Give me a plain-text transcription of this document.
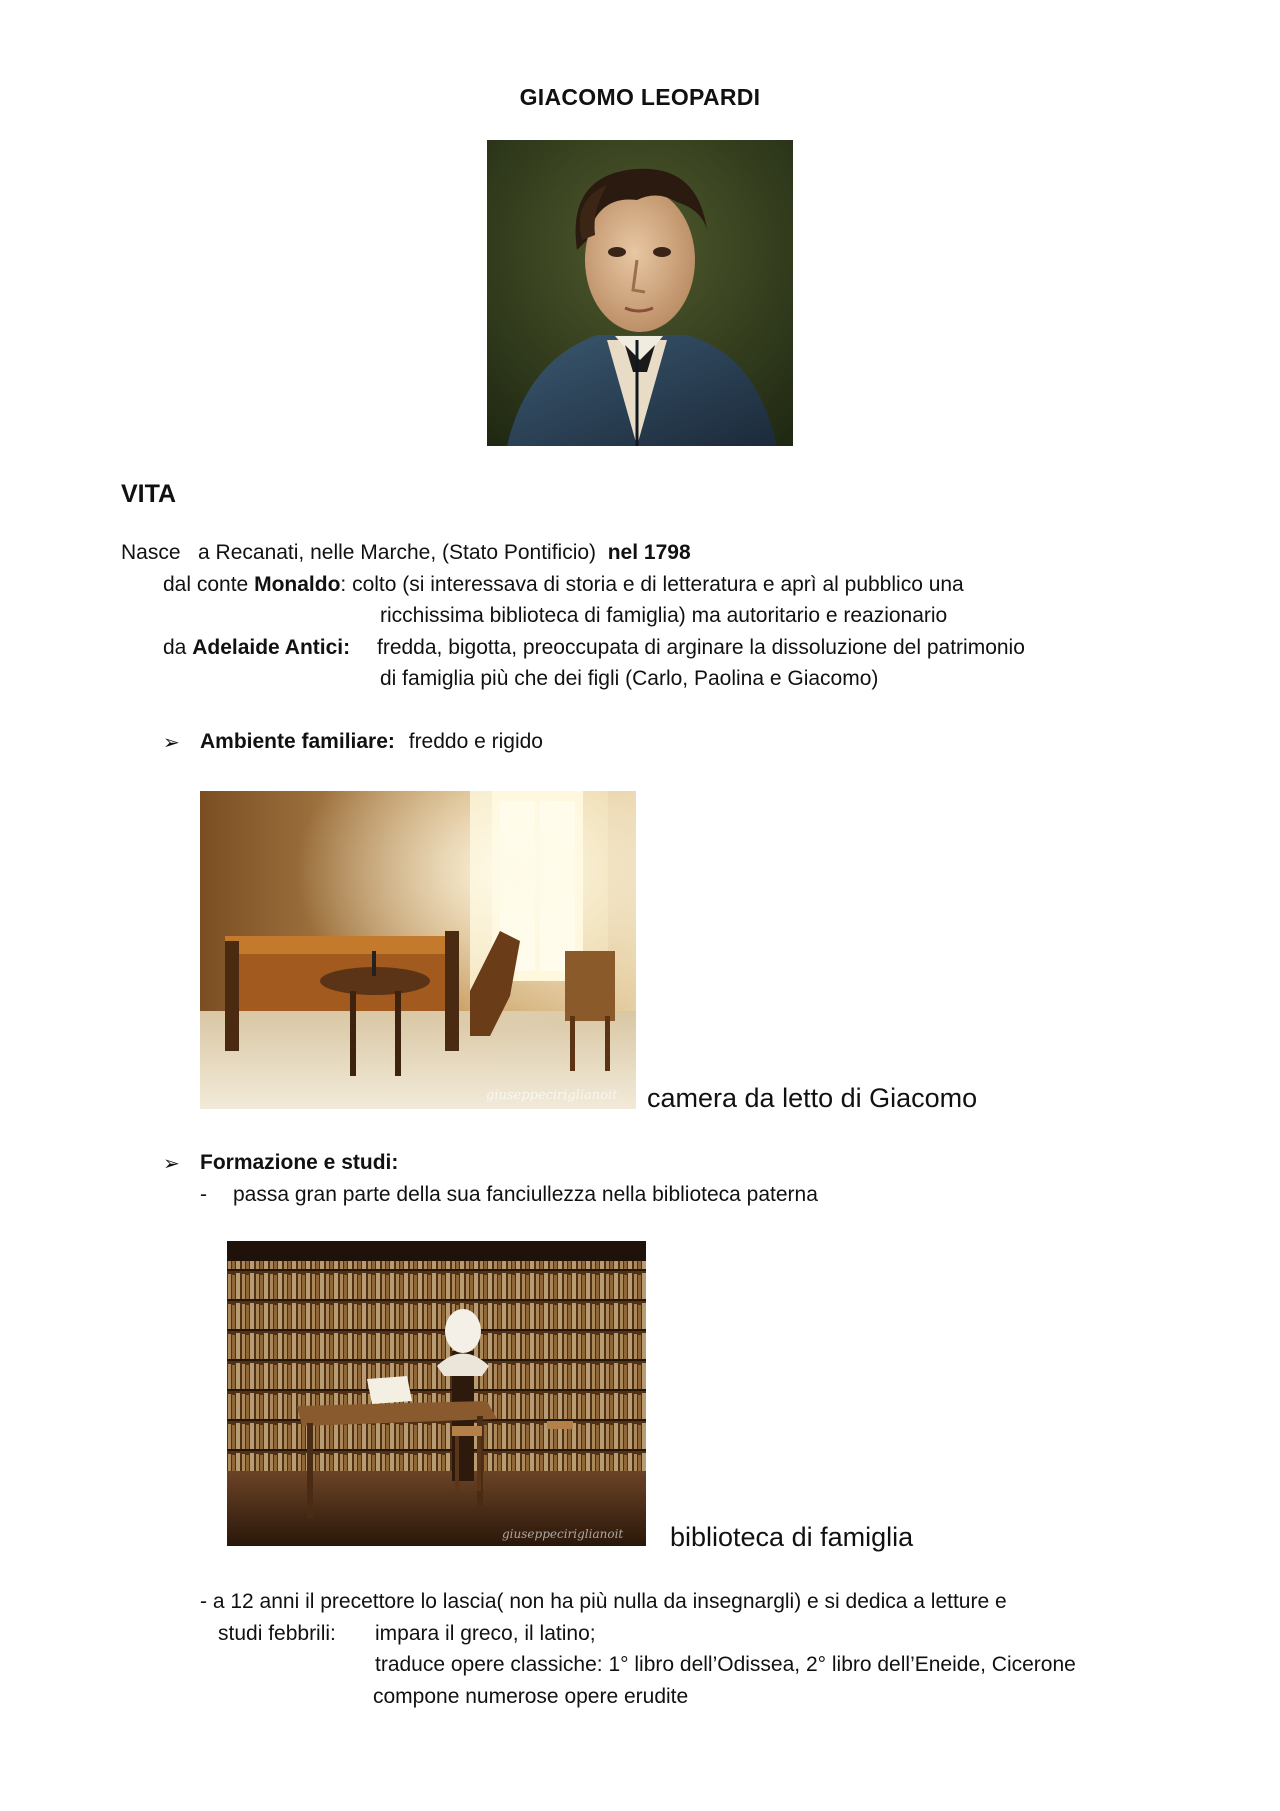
GIACOMO LEOPARDI
VITA
Nasce   a Recanati, nelle Marche, (Stato Pontificio)  nel 1798
dal conte Monaldo: colto (si interessava di storia e di letteratura e aprì al pubblico una
ricchissima biblioteca di famiglia) ma autoritario e reazionario
da Adelaide Antici: fredda, bigotta, preoccupata di arginare la dissoluzione del patrimonio
di famiglia più che dei figli (Carlo, Paolina e Giacomo)
➢ Ambiente familiare: freddo e rigido
giuseppeciriglianoit camera da letto di Giacomo
➢ Formazione e studi:
- passa gran parte della sua fanciullezza nella biblioteca paterna
giuseppeciriglianoit biblioteca di famiglia
- a 12 anni il precettore lo lascia( non ha più nulla da insegnargli) e si dedica a letture e
studi febbrili: impara il greco, il latino;
traduce opere classiche: 1° libro dell’Odissea, 2° libro dell’Eneide, Cicerone
compone numerose opere erudite
